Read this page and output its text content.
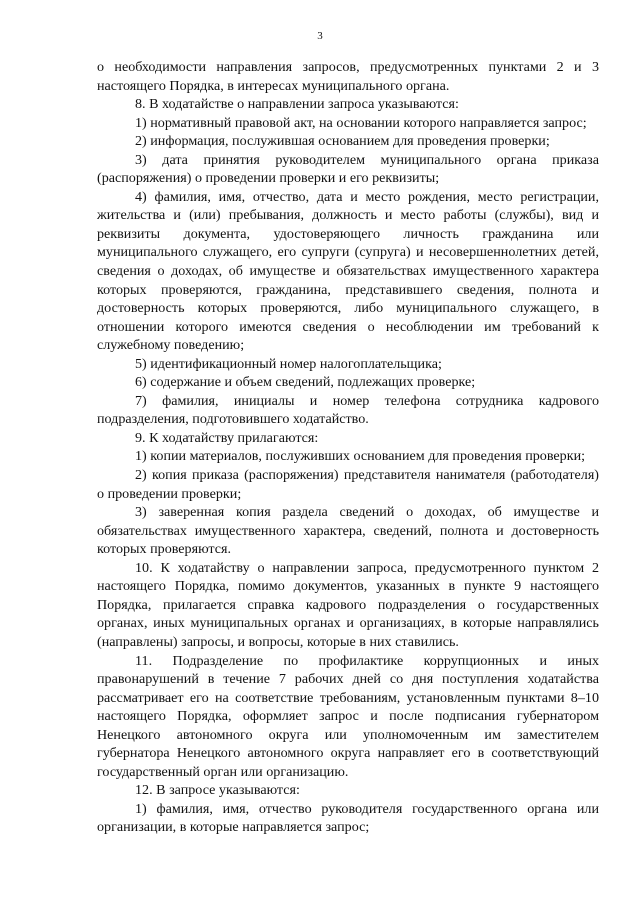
3

о необходимости направления запросов, предусмотренных пунктами 2 и 3 настоящего Порядка, в интересах муниципального органа.

8. В ходатайстве о направлении запроса указываются:

1) нормативный правовой акт, на основании которого направляется запрос;

2) информация, послужившая основанием для проведения проверки;

3) дата принятия руководителем муниципального органа приказа (распоряжения) о проведении проверки и его реквизиты;

4) фамилия, имя, отчество, дата и место рождения, место регистрации, жительства и (или) пребывания, должность и место работы (службы), вид и реквизиты документа, удостоверяющего личность гражданина или муниципального служащего, его супруги (супруга) и несовершеннолетних детей, сведения о доходах, об имуществе и обязательствах имущественного характера которых проверяются, гражданина, представившего сведения, полнота и достоверность которых проверяются, либо муниципального служащего, в отношении которого имеются сведения о несоблюдении им требований к служебному поведению;

5) идентификационный номер налогоплательщика;

6) содержание и объем сведений, подлежащих проверке;

7) фамилия, инициалы и номер телефона сотрудника кадрового подразделения, подготовившего ходатайство.

9. К ходатайству прилагаются:

1) копии материалов, послуживших основанием для проведения проверки;

2) копия приказа (распоряжения) представителя нанимателя (работодателя) о проведении проверки;

3) заверенная копия раздела сведений о доходах, об имуществе и обязательствах имущественного характера, сведений, полнота и достоверность которых проверяются.

10. К ходатайству о направлении запроса, предусмотренного пунктом 2 настоящего Порядка, помимо документов, указанных в пункте 9 настоящего Порядка, прилагается справка кадрового подразделения о государственных органах, иных муниципальных органах и организациях, в которые направлялись (направлены) запросы, и вопросы, которые в них ставились.

11. Подразделение по профилактике коррупционных и иных правонарушений в течение 7 рабочих дней со дня поступления ходатайства рассматривает его на соответствие требованиям, установленным пунктами 8–10 настоящего Порядка, оформляет запрос и после подписания губернатором Ненецкого автономного округа или уполномоченным им заместителем губернатора Ненецкого автономного округа направляет его в соответствующий государственный орган или организацию.

12. В запросе указываются:

1) фамилия, имя, отчество руководителя государственного органа или организации, в которые направляется запрос;
